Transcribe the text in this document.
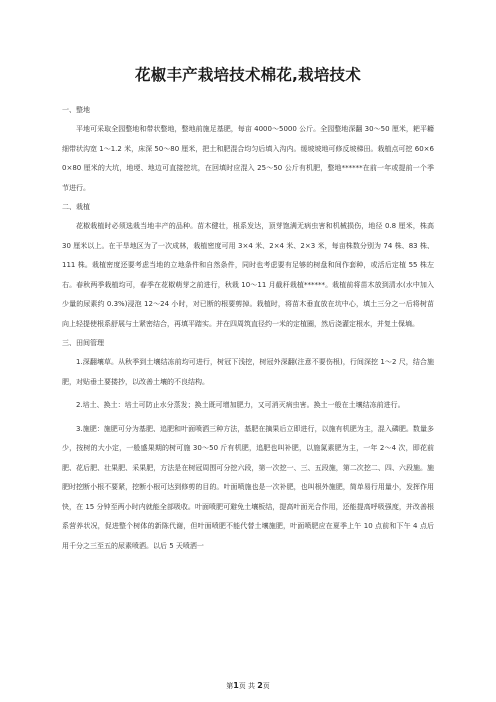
花椒丰产栽培技术棉花,栽培技术
一、整地

平地可采取全园整地和带状整地，整地前施足基肥，每亩 4000～5000 公斤。全园整地深翻 30～50 厘米，耙平耱细带状沟宽 1～1.2 米，床深 50～80 厘米，把土和肥混合均匀后填入沟内。缓坡坡地可修反坡梯田。栽植点可挖 60×60×80 厘米的大坑，地埂、地边可直接挖坑，在回填时应混入 25～50 公斤有机肥，整地******在前一年或提前一个季节进行。

二、栽植

花椒栽植时必须选栽当地丰产的品种。苗木健壮，根系发达，顶芽饱满无病虫害和机械损伤，地径 0.8 厘米，株高 30 厘米以上。在干旱地区为了一次成林，栽植密度可用 3×4 米、2×4 米、2×3 米，每亩株数分别为 74 株、83 株、111 株。栽植密度还要考虑当地的立地条件和自然条件，同时也考虑要有足够的树盘和间作套种，或活后定植 55 株左右。春秋两季栽植均可，春季在花椒萌芽之前进行，秋栽 10～11 月截秆栽植******。栽植前将苗木放到清水(水中加入少量的尿素约 0.3%)浸泡 12～24 小时，对已断的根要剪掉。栽植时，将苗木垂直放在坑中心，填土三分之一后将树苗向上轻提使根系舒展与土紧密结合，再填平踏实。并在四周筑直径约一米的定植圈，然后浇灌定根水，并复土保墒。

三、田间管理

1.深翻壤草。从秋季到土壤结冻前均可进行，树冠下浅挖，树冠外深翻(注意不要伤根)，行间深挖 1～2 尺，结合施肥，对贴垂土要搂抄，以改善土壤的不良结构。

2.培土、换土：培土可防止水分蒸发；换土既可增加肥力，又可消灭病虫害。换土一般在土壤结冻前进行。

3.施肥：施肥可分为基肥、追肥和叶面喷洒三种方法，基肥在摘果后立即进行，以施有机肥为主，混入磷肥。数量多少，按树的大小定，一般盛果期的树可施 30～50 斤有机肥，追肥也叫补肥，以施氮素肥为主，一年 2～4 次，即花前肥、花后肥、壮果肥、采果肥，方法是在树冠周围可分挖六段，第一次挖一、三、五段施，第二次挖二、四、六段施。施肥时挖断小根不要紧，挖断小根可达到修剪的目的。叶面喷施也是一次补肥，也叫根外施肥，简单易行用量小，发挥作用快，在 15 分钟至两小时内就能全部吸收。叶面喷肥可避免土壤板结，提高叶面光合作用，还能提高呼吸强度，并改善根系营养状况，促进整个树体的新陈代谢，但叶面喷肥不能代替土壤施肥，叶面喷肥应在夏季上午 10 点前和下午 4 点后用千分之三至五的尿素喷洒。以后 5 天喷洒一

第1页 共 2页
